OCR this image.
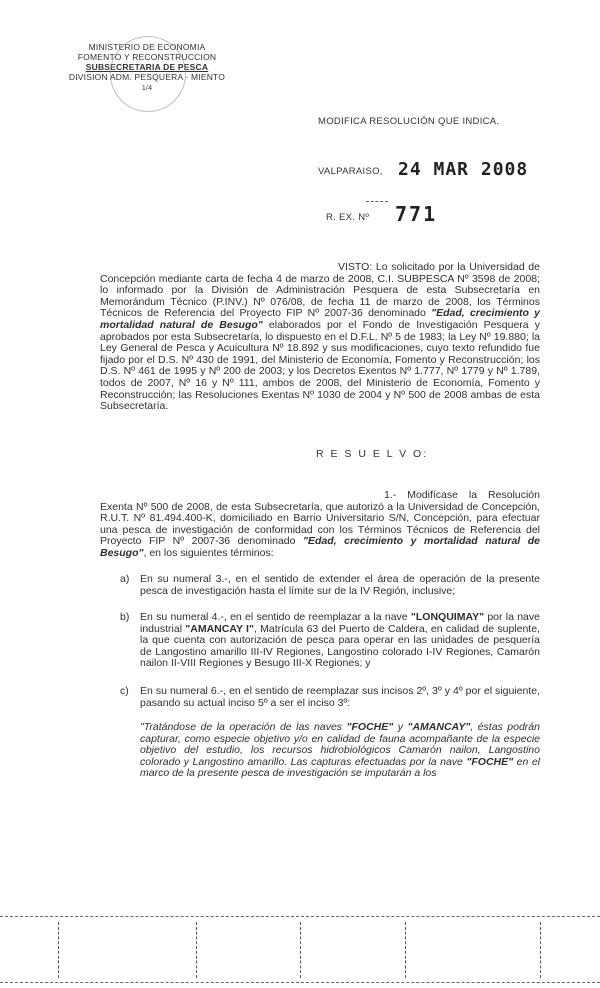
MINISTERIO DE ECONOMIA
FOMENTO Y RECONSTRUCCION
SUBSECRETARIA DE PESCA
DIVISION ADM. PESQUERA · MIENTO
1/4
MODIFICA RESOLUCIÓN QUE INDICA.
VALPARAISO, 24 MAR 2008
R. EX. Nº 771
VISTO: Lo solicitado por la Universidad de Concepción mediante carta de fecha 4 de marzo de 2008, C.I. SUBPESCA Nº 3598 de 2008; lo informado por la División de Administración Pesquera de esta Subsecretaría en Memorándum Técnico (P.INV.) Nº 076/08, de fecha 11 de marzo de 2008, los Términos Técnicos de Referencia del Proyecto FIP Nº 2007-36 denominado "Edad, crecimiento y mortalidad natural de Besugo" elaborados por el Fondo de Investigación Pesquera y aprobados por esta Subsecretaría, lo dispuesto en el D.F.L. Nº 5 de 1983; la Ley Nº 19.880; la Ley General de Pesca y Acuicultura Nº 18.892 y sus modificaciones, cuyo texto refundido fue fijado por el D.S. Nº 430 de 1991, del Ministerio de Economía, Fomento y Reconstrucción; los D.S. Nº 461 de 1995 y Nº 200 de 2003; y los Decretos Exentos Nº 1.777, Nº 1779 y Nº 1.789, todos de 2007, Nº 16 y Nº 111, ambos de 2008, del Ministerio de Economía, Fomento y Reconstrucción; las Resoluciones Exentas Nº 1030 de 2004 y Nº 500 de 2008 ambas de esta Subsecretaría.
R E S U E L V O:
1.- Modifícase la Resolución Exenta Nº 500 de 2008, de esta Subsecretaría, que autorizó a la Universidad de Concepción, R.U.T. Nº 81.494.400-K, domiciliado en Barrio Universitario S/N, Concepción, para efectuar una pesca de investigación de conformidad con los Términos Técnicos de Referencia del Proyecto FIP Nº 2007-36 denominado "Edad, crecimiento y mortalidad natural de Besugo", en los siguientes términos:
a) En su numeral 3.-, en el sentido de extender el área de operación de la presente pesca de investigación hasta el límite sur de la IV Región, inclusive;
b) En su numeral 4.-, en el sentido de reemplazar a la nave "LONQUIMAY" por la nave industrial "AMANCAY I", Matrícula 63 del Puerto de Caldera, en calidad de suplente, la que cuenta con autorización de pesca para operar en las unidades de pesquería de Langostino amarillo III-IV Regiones, Langostino colorado I-IV Regiones, Camarón nailon II-VIII Regiones y Besugo III-X Regiones; y
c) En su numeral 6.-, en el sentido de reemplazar sus incisos 2º, 3º y 4º por el siguiente, pasando su actual inciso 5º a ser el inciso 3º:
"Tratándose de la operación de las naves "FOCHE" y "AMANCAY", éstas podrán capturar, como especie objetivo y/o en calidad de fauna acompañante de la especie objetivo del estudio, los recursos hidrobiológicos Camarón nailon, Langostino colorado y Langostino amarillo. Las capturas efectuadas por la nave "FOCHE" en el marco de la presente pesca de investigación se imputarán a los
